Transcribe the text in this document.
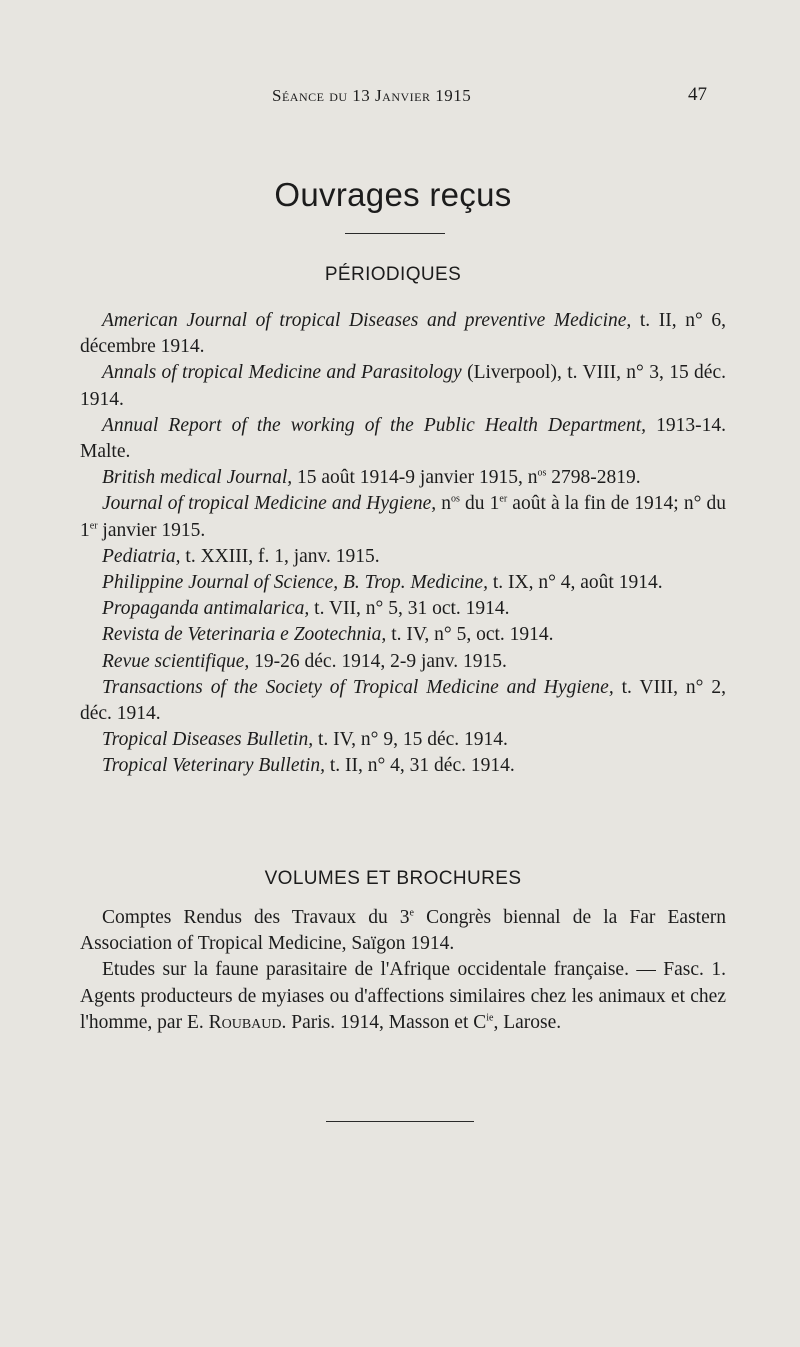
Séance du 13 Janvier 1915	47
Ouvrages reçus
PÉRIODIQUES

American Journal of tropical Diseases and preventive Medicine, t. II, n° 6, décembre 1914.

Annals of tropical Medicine and Parasitology (Liverpool), t. VIII, n° 3, 15 déc. 1914.

Annual Report of the working of the Public Health Department, 1913-14. Malte.

British medical Journal, 15 août 1914-9 janvier 1915, $n^{os}$ 2798-2819.

Journal of tropical Medicine and Hygiene, $n^{os}$ du 1er août à la fin de 1914; n° du 1er janvier 1915.

Pediatria, t. XXIII, f. 1, janv. 1915.

Philippine Journal of Science, B. Trop. Medicine, t. IX, n° 4, août 1914.

Propaganda antimalarica, t. VII, n° 5, 31 oct. 1914.

Revista de Veterinaria e Zootechnia, t. IV, n° 5, oct. 1914.

Revue scientifique, 19-26 déc. 1914, 2-9 janv. 1915.

Transactions of the Society of Tropical Medicine and Hygiene, t. VIII, n° 2, déc. 1914.

Tropical Diseases Bulletin, t. IV, n° 9, 15 déc. 1914.

Tropical Veterinary Bulletin, t. II, n° 4, 31 déc. 1914.

VOLUMES ET BROCHURES

Comptes Rendus des Travaux du 3e Congrès biennal de la Far Eastern Association of Tropical Medicine, Saïgon 1914.

Etudes sur la faune parasitaire de l'Afrique occidentale française. — Fasc. 1. Agents producteurs de myiases ou d'affections similaires chez les animaux et chez l'homme, par E. Roubaud. Paris. 1914, Masson et $C^{ie}$, Larose.
